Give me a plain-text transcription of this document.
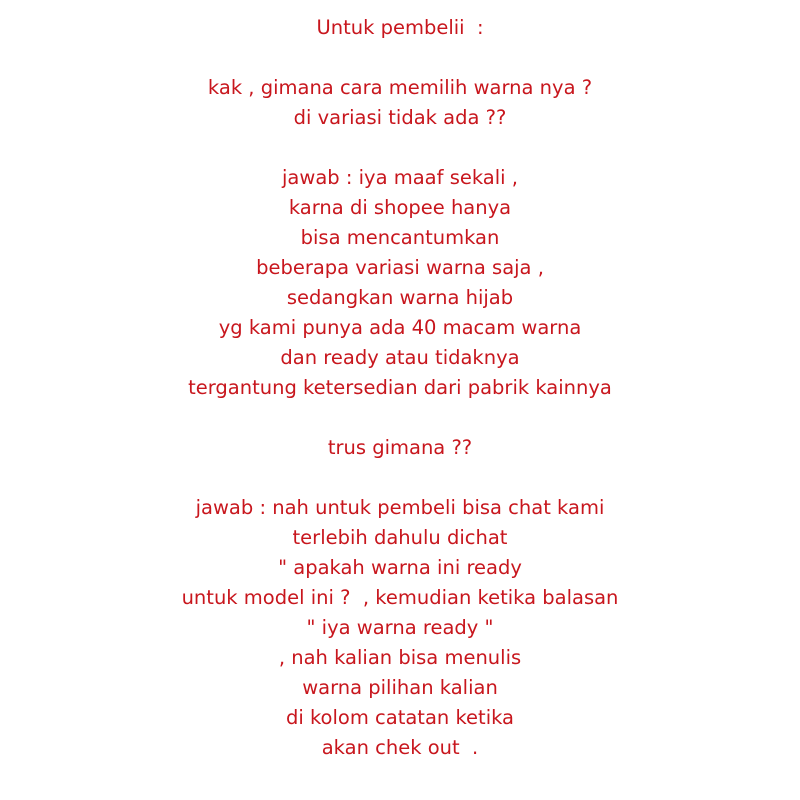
Untuk pembelii  :

kak , gimana cara memilih warna nya ?

di variasi tidak ada ??

jawab : iya maaf sekali ,

karna di shopee hanya

bisa mencantumkan

beberapa variasi warna saja ,

sedangkan warna hijab

yg kami punya ada 40 macam warna

dan ready atau tidaknya

tergantung ketersedian dari pabrik kainnya

trus gimana ??

jawab : nah untuk pembeli bisa chat kami

terlebih dahulu dichat

" apakah warna ini ready

untuk model ini ?  , kemudian ketika balasan

" iya warna ready "

, nah kalian bisa menulis

warna pilihan kalian

di kolom catatan ketika

akan chek out  .
